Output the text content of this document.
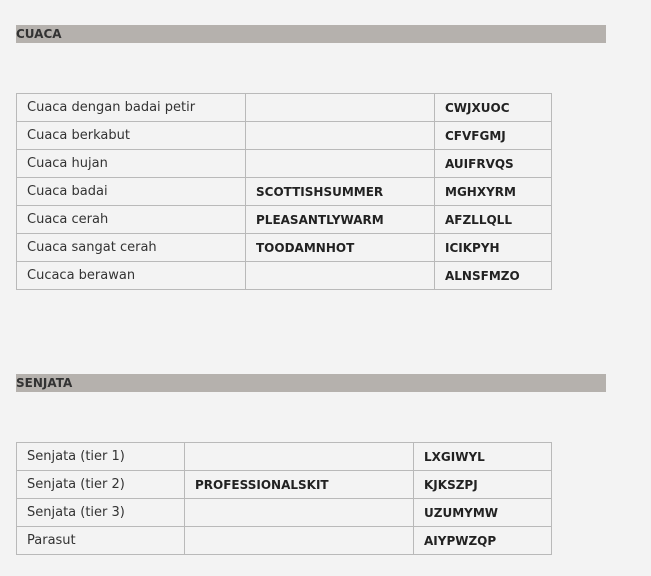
CUACA
Cuaca dengan badai petir		CWJXUOC
Cuaca berkabut		CFVFGMJ
Cuaca hujan		AUIFRVQS
Cuaca badai	SCOTTISHSUMMER	MGHXYRM
Cuaca cerah	PLEASANTLYWARM	AFZLLQLL
Cuaca sangat cerah	TOODAMNHOT	ICIKPYH
Cucaca berawan		ALNSFMZO
SENJATA
Senjata (tier 1)		LXGIWYL
Senjata (tier 2)	PROFESSIONALSKIT	KJKSZPJ
Senjata (tier 3)		UZUMYMW
Parasut		AIYPWZQP
